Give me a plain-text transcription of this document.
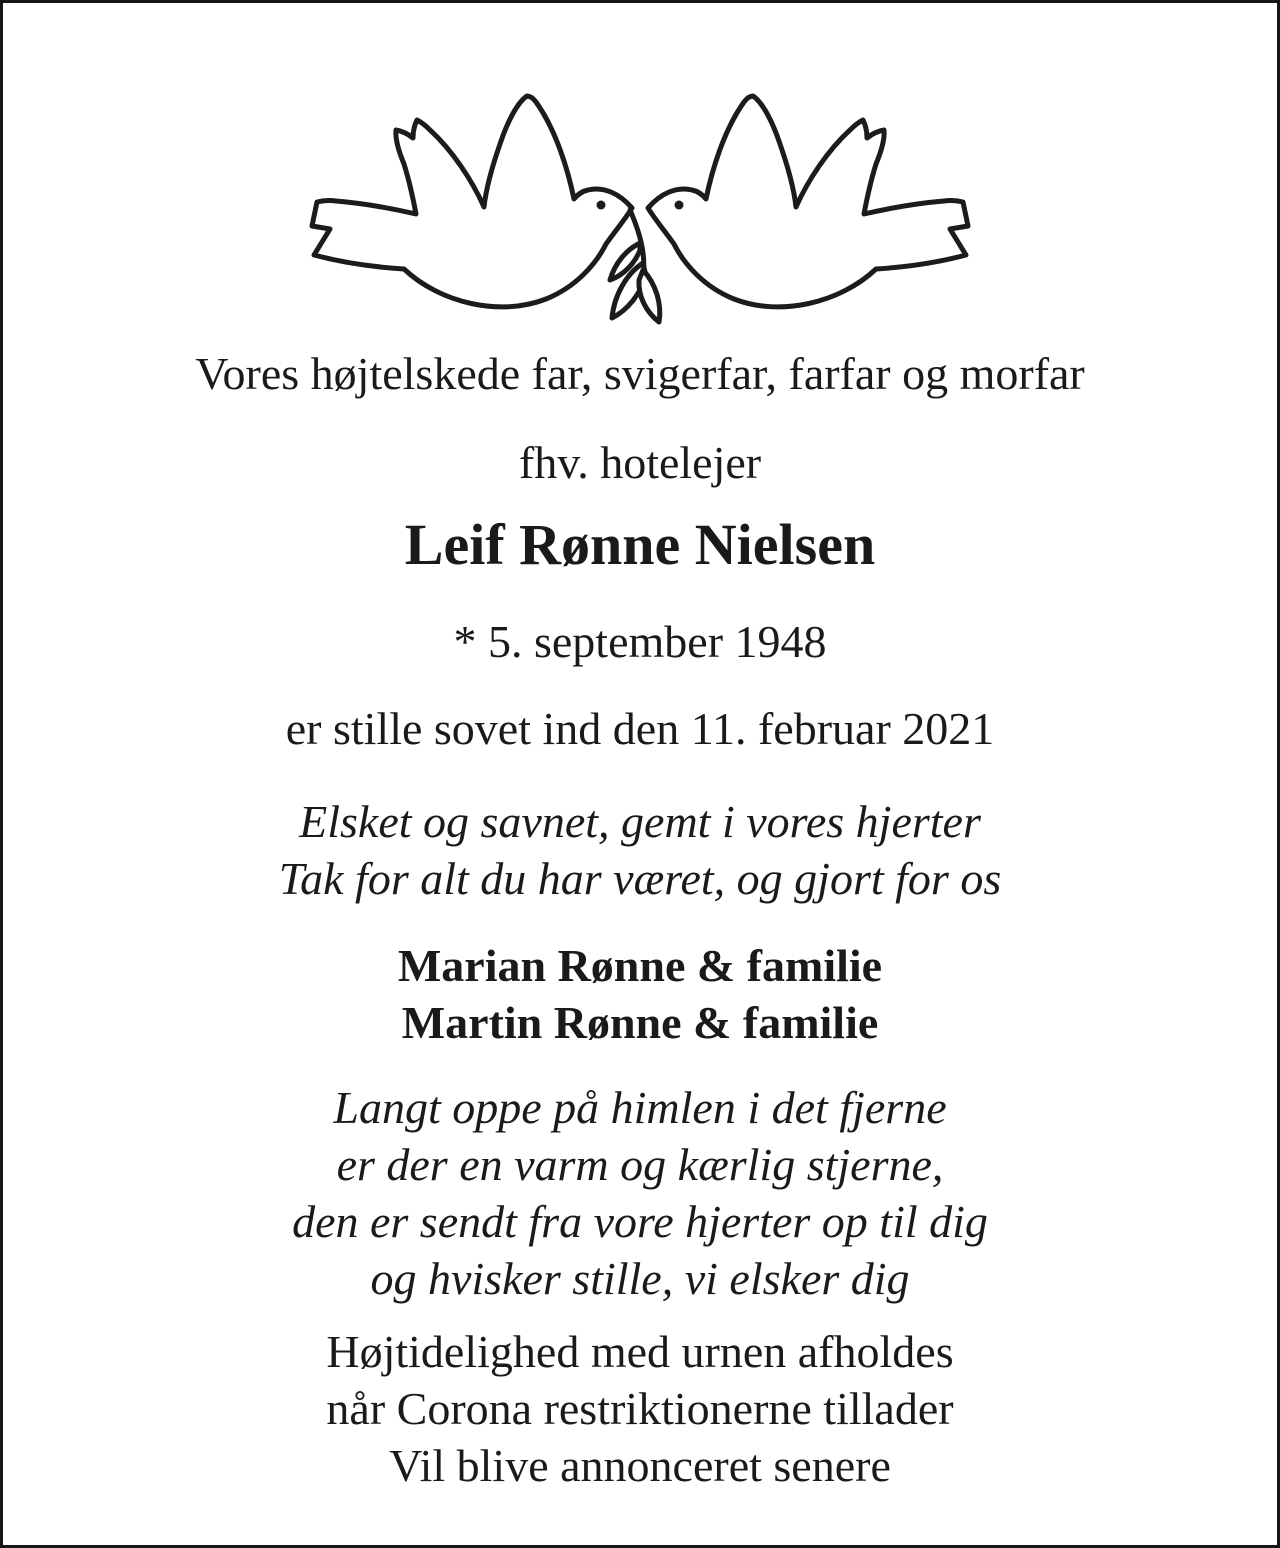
Vores højtelskede far, svigerfar, farfar og morfar
fhv. hotelejer
Leif Rønne Nielsen
* 5. september 1948
er stille sovet ind den 11. februar 2021
Elsket og savnet, gemt i vores hjerter
Tak for alt du har været, og gjort for os
Marian Rønne & familie
Martin Rønne & familie
Langt oppe på himlen i det fjerne
er der en varm og kærlig stjerne,
den er sendt fra vore hjerter op til dig
og hvisker stille, vi elsker dig
Højtidelighed med urnen afholdes
når Corona restriktionerne tillader
Vil blive annonceret senere
